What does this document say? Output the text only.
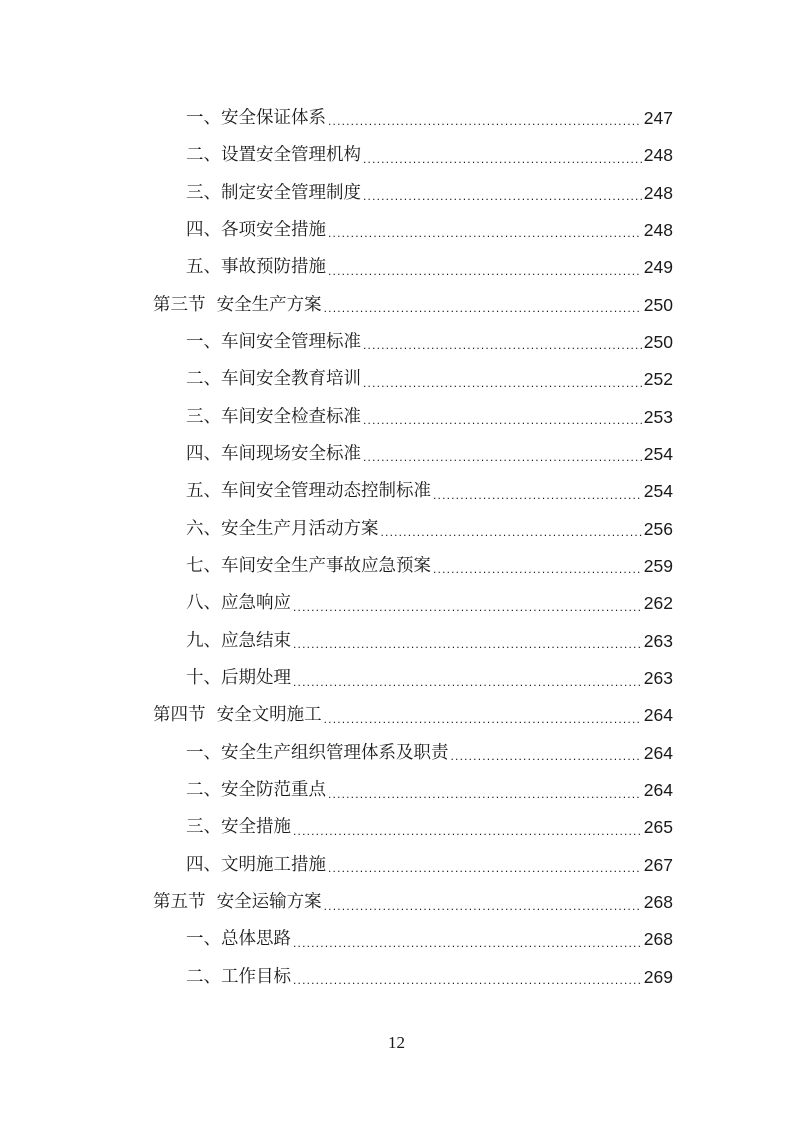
一、 安全保证体系 .....	247
二、 设置安全管理机构 .....	248
三、 制定安全管理制度 .....	248
四、 各项安全措施 .....	248
五、 事故预防措施 .....	249
第三节 安全生产方案 .....	250
一、 车间安全管理标准 .....	250
二、 车间安全教育培训 .....	252
三、 车间安全检查标准 .....	253
四、 车间现场安全标准 .....	254
五、 车间安全管理动态控制标准 .....	254
六、 安全生产月活动方案 .....	256
七、 车间安全生产事故应急预案 .....	259
八、 应急响应 .....	262
九、 应急结束 .....	263
十、 后期处理 .....	263
第四节 安全文明施工 .....	264
一、 安全生产组织管理体系及职责 .....	264
二、 安全防范重点 .....	264
三、 安全措施 .....	265
四、 文明施工措施 .....	267
第五节 安全运输方案 .....	268
一、 总体思路 .....	268
二、 工作目标 .....	269
12
